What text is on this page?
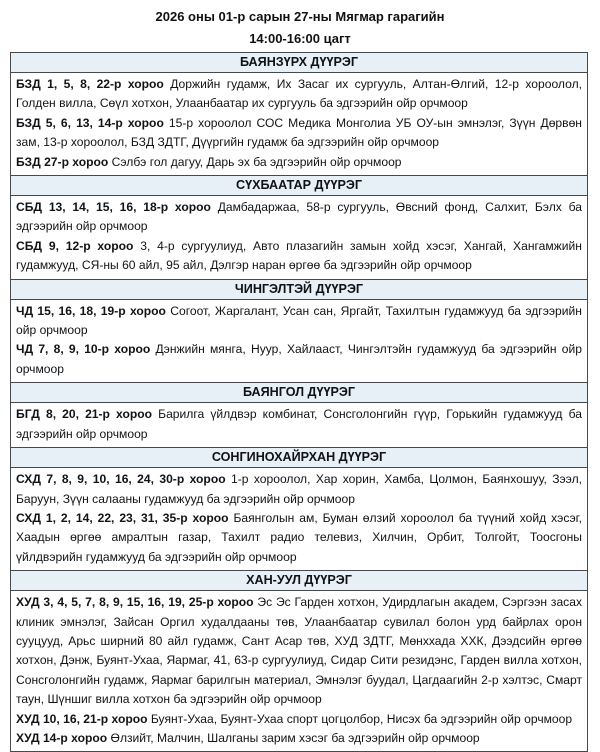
2026 оны 01-р сарын 27-ны Мягмар гарагийн
14:00-16:00 цагт
БАЯНЗҮРХ ДҮҮРЭГ

БЗД 1, 5, 8, 22-р хороо Доржийн гудамж, Их Засаг их сургууль, Алтан-Өлгий, 12-р хороолол, Голден вилла, Сөүл хотхон, Улаанбаатар их сургууль ба эдгээрийн ойр орчмоор

БЗД 5, 6, 13, 14-р хороо 15-р хороолол СОС Медика Монголиа УБ ОУ-ын эмнэлэг, Зүүн Дөрвөн зам, 13-р хороолол, БЗД ЗДТГ, Дүүргийн гудамж ба эдгээрийн ойр орчмоор

БЗД 27-р хороо Сэлбэ гол дагуу, Дарь эх ба эдгээрийн ойр орчмоор

СҮХБААТАР ДҮҮРЭГ

СБД 13, 14, 15, 16, 18-р хороо Дамбадаржаа, 58-р сургууль, Өвсний фонд, Салхит, Бэлх ба эдгээрийн ойр орчмоор

СБД 9, 12-р хороо 3, 4-р сургуулиуд, Авто плазагийн замын хойд хэсэг, Хангай, Хангамжийн гудамжууд, СЯ-ны 60 айл, 95 айл, Дэлгэр наран өргөө ба эдгээрийн ойр орчмоор

ЧИНГЭЛТЭЙ ДҮҮРЭГ

ЧД 15, 16, 18, 19-р хороо Согоот, Жаргалант, Усан сан, Яргайт, Тахилтын гудамжууд ба эдгээрийн ойр орчмоор

ЧД 7, 8, 9, 10-р хороо Дэнжийн мянга, Нуур, Хайлааст, Чингэлтэйн гудамжууд ба эдгээрийн ойр орчмоор

БАЯНГОЛ ДҮҮРЭГ

БГД 8, 20, 21-р хороо Барилга үйлдвэр комбинат, Сонсголонгийн гүүр, Горькийн гудамжууд ба эдгээрийн ойр орчмоор

СОНГИНОХАЙРХАН ДҮҮРЭГ

СХД 7, 8, 9, 10, 16, 24, 30-р хороо 1-р хороолол, Хар хорин, Хамба, Цолмон, Баянхошуу, Зээл, Баруун, Зүүн салааны гудамжууд ба эдгээрийн ойр орчмоор

СХД 1, 2, 14, 22, 23, 31, 35-р хороо Баянголын ам, Буман өлзий хороолол ба түүний хойд хэсэг, Хаадын өргөө амралтын газар, Тахилт радио телевиз, Хилчин, Орбит, Толгойт, Тоосгоны үйлдвэрийн гудамжууд ба эдгээрийн ойр орчмоор

ХАН-УУЛ ДҮҮРЭГ

ХУД 3, 4, 5, 7, 8, 9, 15, 16, 19, 25-р хороо Эс Эс Гарден хотхон, Удирдлагын академ, Сэргээн засах клиник эмнэлэг, Зайсан Оргил худалдааны төв, Улаанбаатар сувилал болон урд байрлах орон сууцууд, Арьс ширний 80 айл гудамж, Сант Асар төв, ХУД ЗДТГ, Мөнххада ХХК, Дээдсийн өргөө хотхон, Дэнж, Буянт-Ухаа, Яармаг, 41, 63-р сургуулиуд, Сидар Сити резидэнс, Гарден вилла хотхон, Сонсголонгийн гудамж, Яармаг барилгын материал, Эмнэлэг буудал, Цагдаагийн 2-р хэлтэс, Смарт таун, Шүншиг вилла хотхон ба эдгээрийн ойр орчмоор

ХУД 10, 16, 21-р хороо Буянт-Ухаа, Буянт-Ухаа спорт цогцолбор, Нисэх ба эдгээрийн ойр орчмоор

ХУД 14-р хороо Өлзийт, Малчин, Шалганы зарим хэсэг ба эдгээрийн ойр орчмоор
